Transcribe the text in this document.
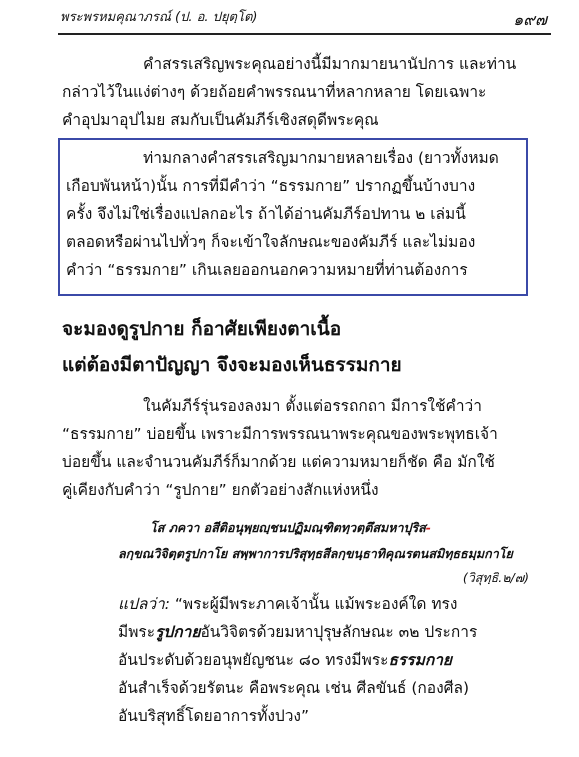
พระพรหมคุณาภรณ์ (ป. อ. ปยุตฺโต)	๑๙๗
คำสรรเสริญพระคุณอย่างนี้มีมากมายนานัปการ และท่าน
กล่าวไว้ในแง่ต่างๆ ด้วยถ้อยคำพรรณนาที่หลากหลาย โดยเฉพาะ
คำอุปมาอุปไมย สมกับเป็นคัมภีร์เชิงสดุดีพระคุณ
ท่ามกลางคำสรรเสริญมากมายหลายเรื่อง (ยาวทั้งหมด
เกือบพันหน้า)นั้น การที่มีคำว่า “ธรรมกาย” ปรากฏขึ้นบ้างบาง
ครั้ง จึงไม่ใช่เรื่องแปลกอะไร ถ้าได้อ่านคัมภีร์อปทาน ๒ เล่มนี้
ตลอดหรือผ่านไปทั่วๆ ก็จะเข้าใจลักษณะของคัมภีร์ และไม่มอง
คำว่า “ธรรมกาย” เกินเลยออกนอกความหมายที่ท่านต้องการ
จะมองดูรูปกาย ก็อาศัยเพียงตาเนื้อ
แต่ต้องมีตาปัญญา จึงจะมองเห็นธรรมกาย
ในคัมภีร์รุ่นรองลงมา ตั้งแต่อรรถกถา มีการใช้คำว่า
“ธรรมกาย” บ่อยขึ้น เพราะมีการพรรณนาพระคุณของพระพุทธเจ้า
บ่อยขึ้น และจำนวนคัมภีร์ก็มากด้วย แต่ความหมายก็ชัด คือ มักใช้
คู่เคียงกับคำว่า “รูปกาย” ยกตัวอย่างสักแห่งหนึ่ง
โส ภควา อสีติอนุพฺยญฺชนปฏิมณฺฑิตทฺวตฺตึสมหาปุริส-
ลกฺขณวิจิตฺตรูปกาโย สพฺพาการปริสุทฺธสีลกฺขนฺธาทิคุณรตนสมิทฺธธมฺมกาโย
(วิสุทฺธิ.๒/๗)
แปลว่า: “พระผู้มีพระภาคเจ้านั้น แม้พระองค์ใด ทรง
มีพระรูปกายอันวิจิตรด้วยมหาปุรุษลักษณะ ๓๒ ประการ
อันประดับด้วยอนุพยัญชนะ ๘๐ ทรงมีพระธรรมกาย
อันสำเร็จด้วยรัตนะ คือพระคุณ เช่น ศีลขันธ์ (กองศีล)
อันบริสุทธิ์โดยอาการทั้งปวง”
